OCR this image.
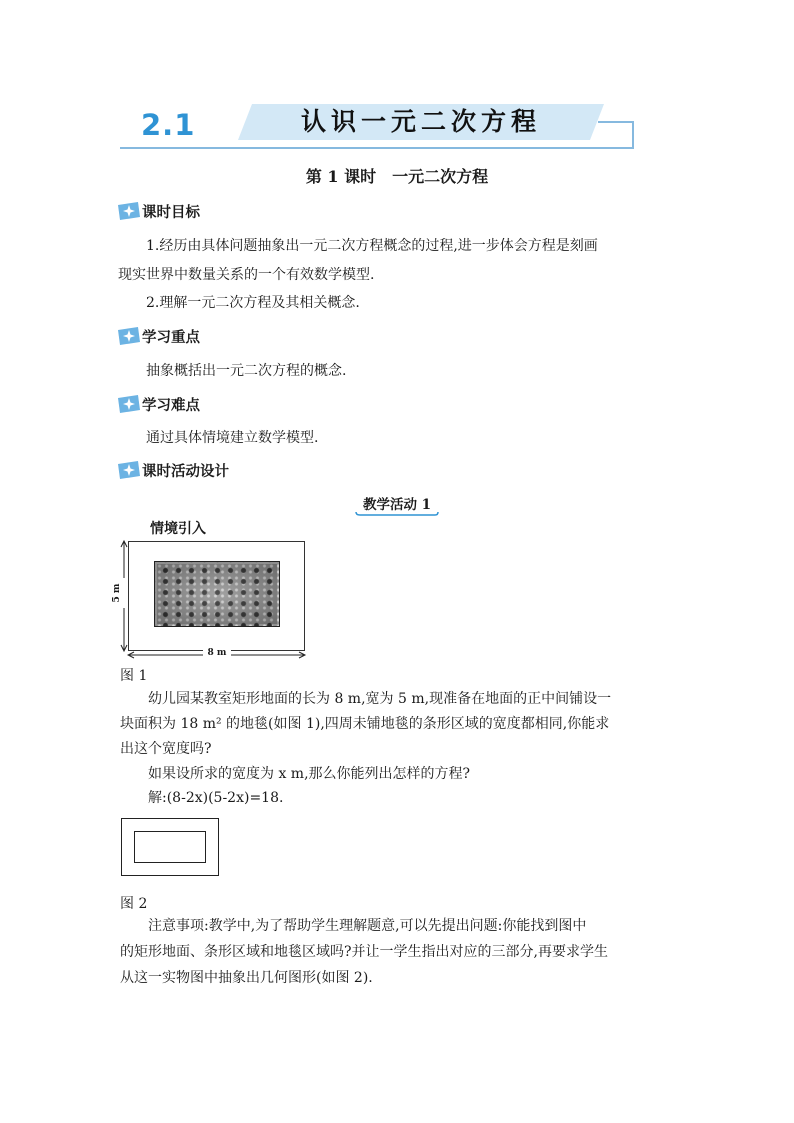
2.1	认识一元二次方程
第 1 课时　一元二次方程
课时目标
1.经历由具体问题抽象出一元二次方程概念的过程,进一步体会方程是刻画
现实世界中数量关系的一个有效数学模型.
2.理解一元二次方程及其相关概念.
学习重点
抽象概括出一元二次方程的概念.
学习难点
通过具体情境建立数学模型.
课时活动设计
教学活动 1
情境引入
5 m
8 m
图 1
幼儿园某教室矩形地面的长为 8 m,宽为 5 m,现准备在地面的正中间铺设一
块面积为 18 m² 的地毯(如图 1),四周未铺地毯的条形区域的宽度都相同,你能求
出这个宽度吗?
如果设所求的宽度为 x m,那么你能列出怎样的方程?
解:(8-2x)(5-2x)=18.
图 2
注意事项:教学中,为了帮助学生理解题意,可以先提出问题:你能找到图中
的矩形地面、条形区域和地毯区域吗?并让一学生指出对应的三部分,再要求学生
从这一实物图中抽象出几何图形(如图 2).
